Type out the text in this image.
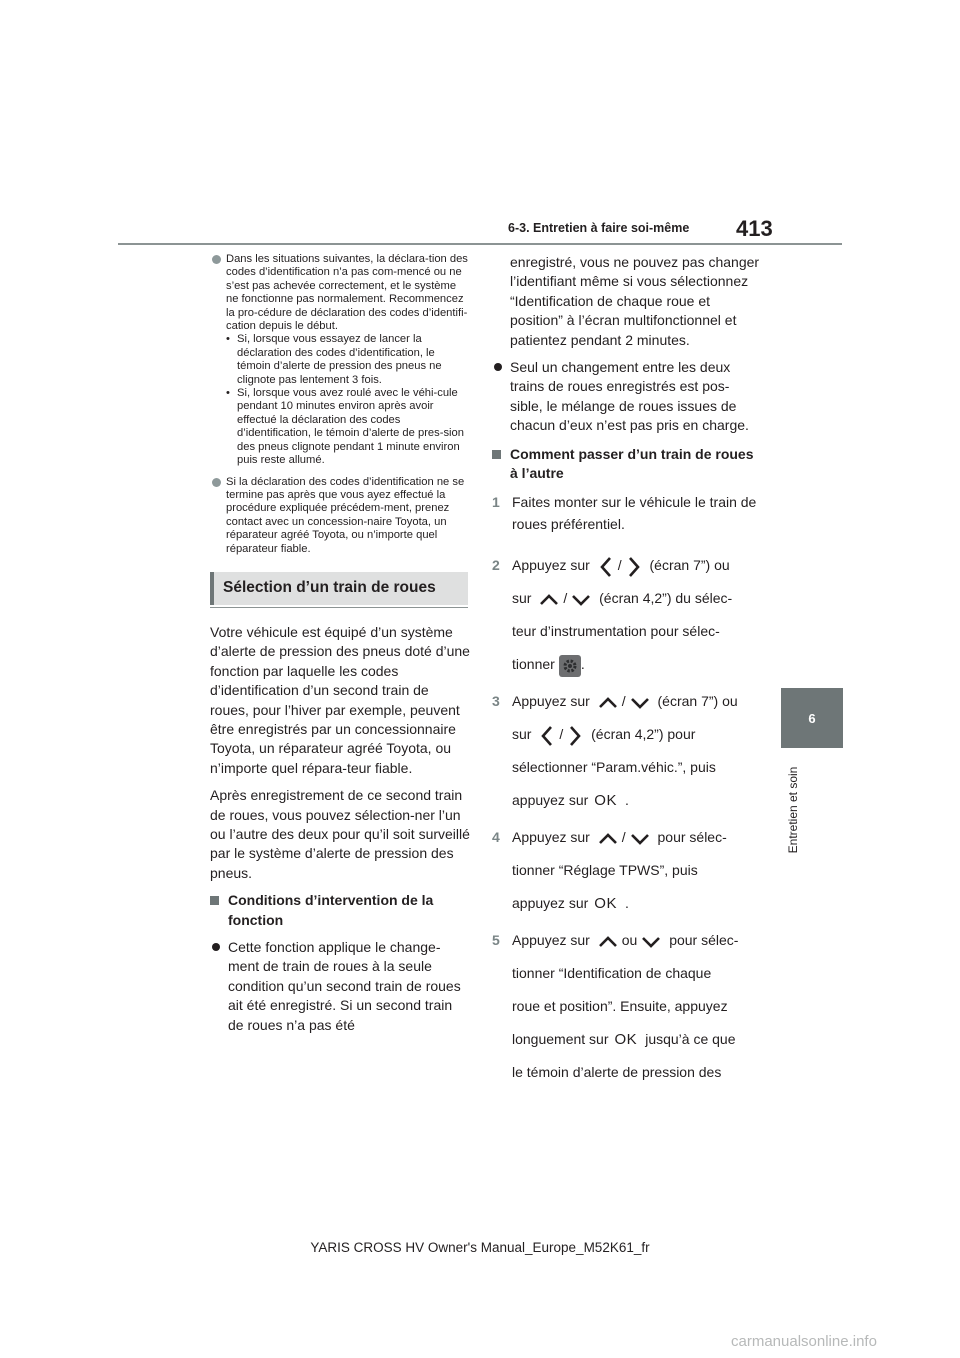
6-3. Entretien à faire soi-même 413
6
Entretien et soin
Dans les situations suivantes, la déclara-tion des codes d’identification n’a pas com-mencé ou ne s’est pas achevée correctement, et le système ne fonctionne pas normalement. Recommencez la pro-cédure de déclaration des codes d’identifi-cation depuis le début.
• Si, lorsque vous essayez de lancer la déclaration des codes d’identification, le témoin d’alerte de pression des pneus ne clignote pas lentement 3 fois.
• Si, lorsque vous avez roulé avec le véhi-cule pendant 10 minutes environ après avoir effectué la déclaration des codes d’identification, le témoin d’alerte de pres-sion des pneus clignote pendant 1 minute environ puis reste allumé.
Si la déclaration des codes d’identification ne se termine pas après que vous ayez effectué la procédure expliquée précédem-ment, prenez contact avec un concession-naire Toyota, un réparateur agréé Toyota, ou n’importe quel réparateur fiable.
Sélection d’un train de roues
Votre véhicule est équipé d’un système d’alerte de pression des pneus doté d’une fonction par laquelle les codes d’identification d’un second train de roues, pour l’hiver par exemple, peuvent être enregistrés par un concessionnaire Toyota, un réparateur agréé Toyota, ou n’importe quel répara-teur fiable.
Après enregistrement de ce second train de roues, vous pouvez sélection-ner l’un ou l’autre des deux pour qu’il soit surveillé par le système d’alerte de pression des pneus.
Conditions d’intervention de la fonction
Cette fonction applique le change-ment de train de roues à la seule condition qu’un second train de roues ait été enregistré. Si un second train de roues n’a pas été
enregistré, vous ne pouvez pas changer l’identifiant même si vous sélectionnez “Identification de chaque roue et position” à l’écran multifonctionnel et patientez pendant 2 minutes.
Seul un changement entre les deux trains de roues enregistrés est pos-sible, le mélange de roues issues de chacun d’eux n’est pas pris en charge.
Comment passer d’un train de roues à l’autre
1 Faites monter sur le véhicule le train de roues préférentiel.
2 Appuyez sur / (écran 7”) ou
sur / (écran 4,2”) du sélec-
teur d’instrumentation pour sélec-
tionner .
3 Appuyez sur / (écran 7”) ou
sur / (écran 4,2”) pour
sélectionner “Param.véhic.”, puis
appuyez sur OK .
4 Appuyez sur / pour sélec-
tionner “Réglage TPWS”, puis
appuyez sur OK .
5 Appuyez sur ou pour sélec-
tionner “Identification de chaque
roue et position”. Ensuite, appuyez
longuement sur OK jusqu’à ce que
le témoin d’alerte de pression des
YARIS CROSS HV Owner's Manual_Europe_M52K61_fr
carmanualsonline.info
